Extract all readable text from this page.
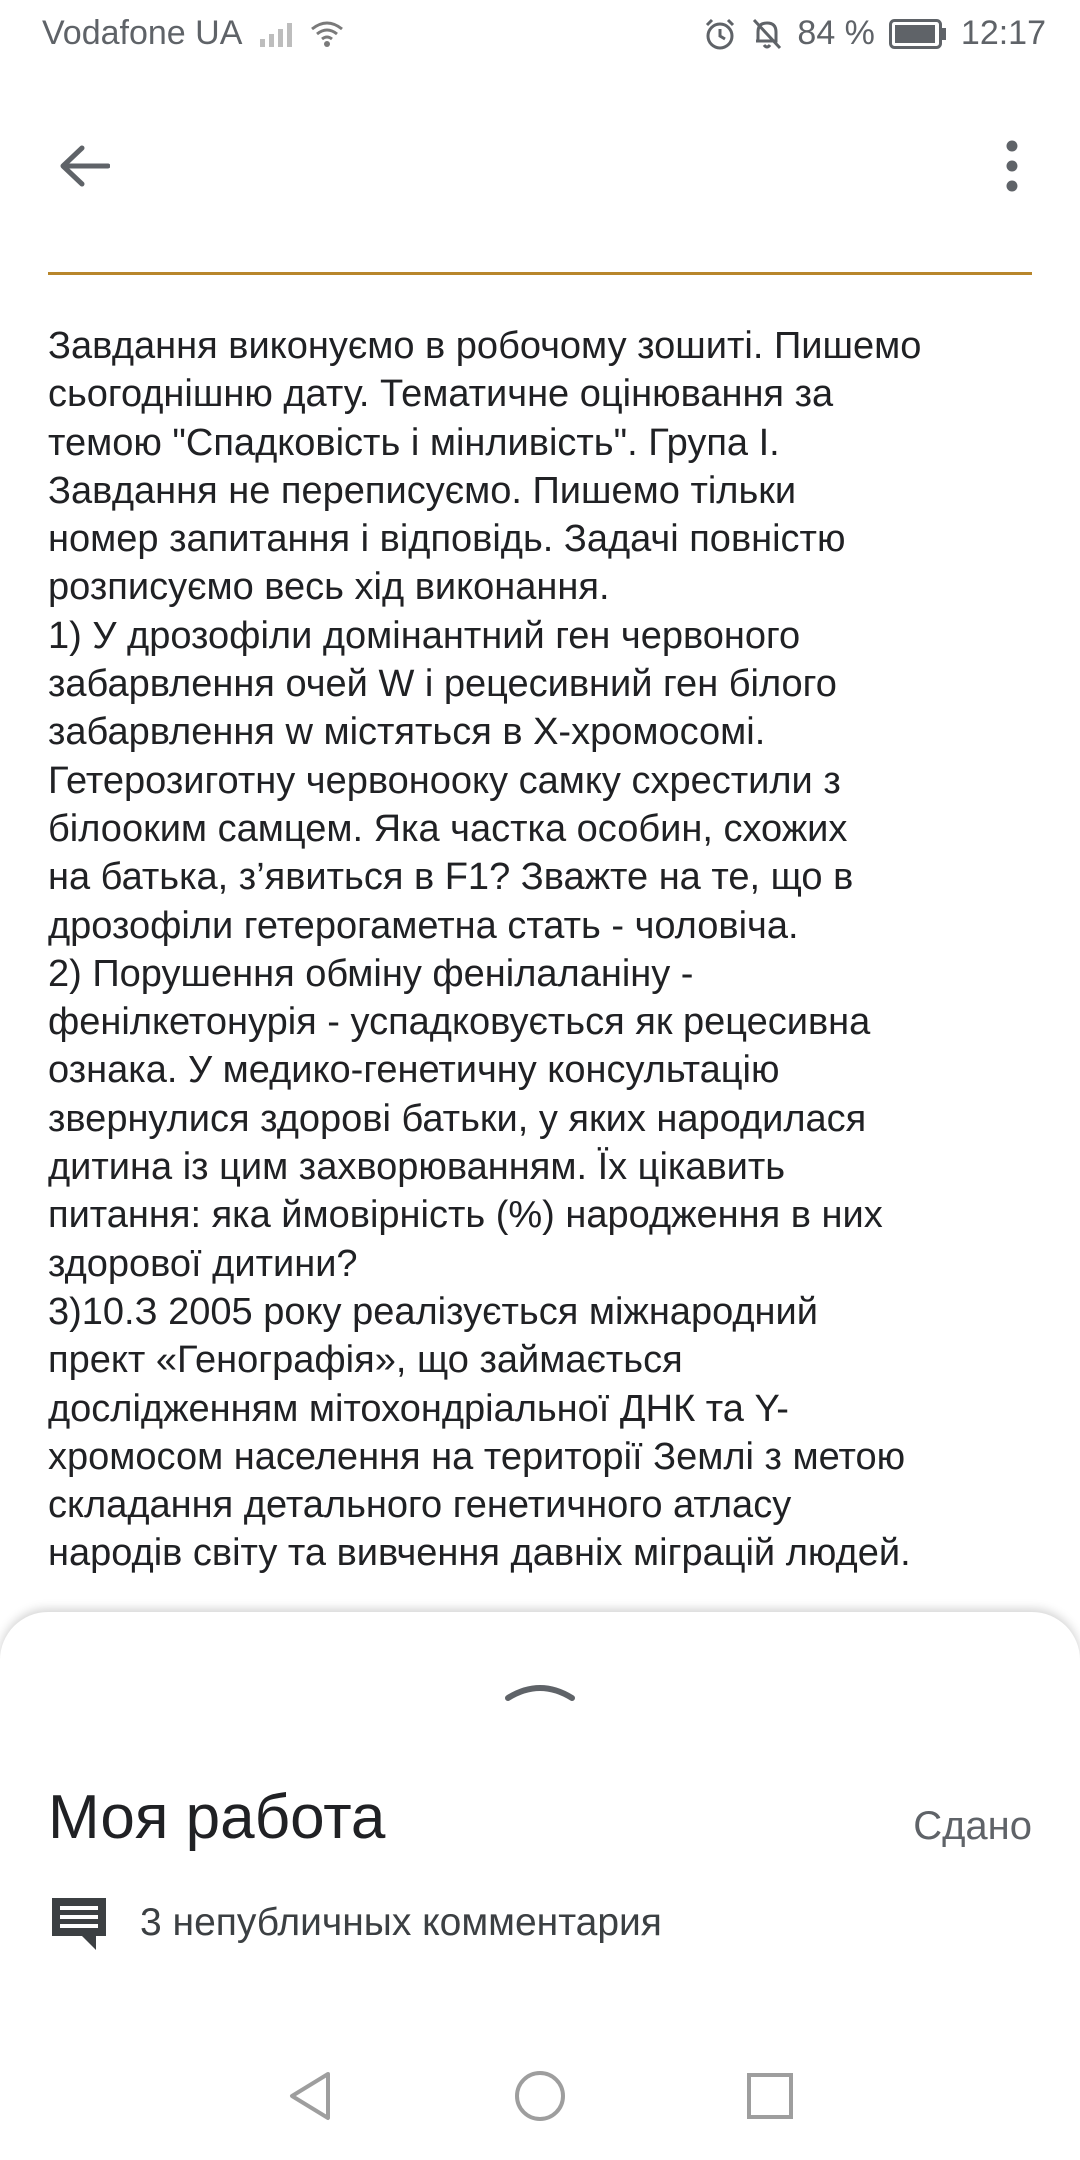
Vodafone UA	84 %	12:17
Завдання виконуємо в робочому зошиті. Пишемо
сьогоднішню дату. Тематичне оцінювання за
темою "Спадковість і мінливість". Група І.
Завдання не переписуємо. Пишемо тільки
номер запитання і відповідь. Задачі повністю
розписуємо весь хід виконання.
1) У дрозофіли домінантний ген червоного
забарвлення очей W і рецесивний ген білого
забарвлення w містяться в Х-хромосомі.
Гетерозиготну червонооку самку схрестили з
білооким самцем. Яка частка особин, схожих
на батька, з’явиться в F1? Зважте на те, що в
дрозофіли гетерогаметна стать - чоловіча.
2) Порушення обміну фенілаланіну -
фенілкетонурія - успадковується як рецесивна
ознака. У медико-генетичну консультацію
звернулися здорові батьки, у яких народилася
дитина із цим захворюванням. Їх цікавить
питання: яка ймовірність (%) народження в них
здорової дитини?
3)10.З 2005 року реалізується міжнародний
прект «Генографія», що займається
дослідженням мітохондріальної ДНК та Y-
хромосом населення на території Землі з метою
складання детального генетичного атласу
народів світу та вивчення давніх міграцій людей.
Моя работа	Сдано
3 непубличных комментария
